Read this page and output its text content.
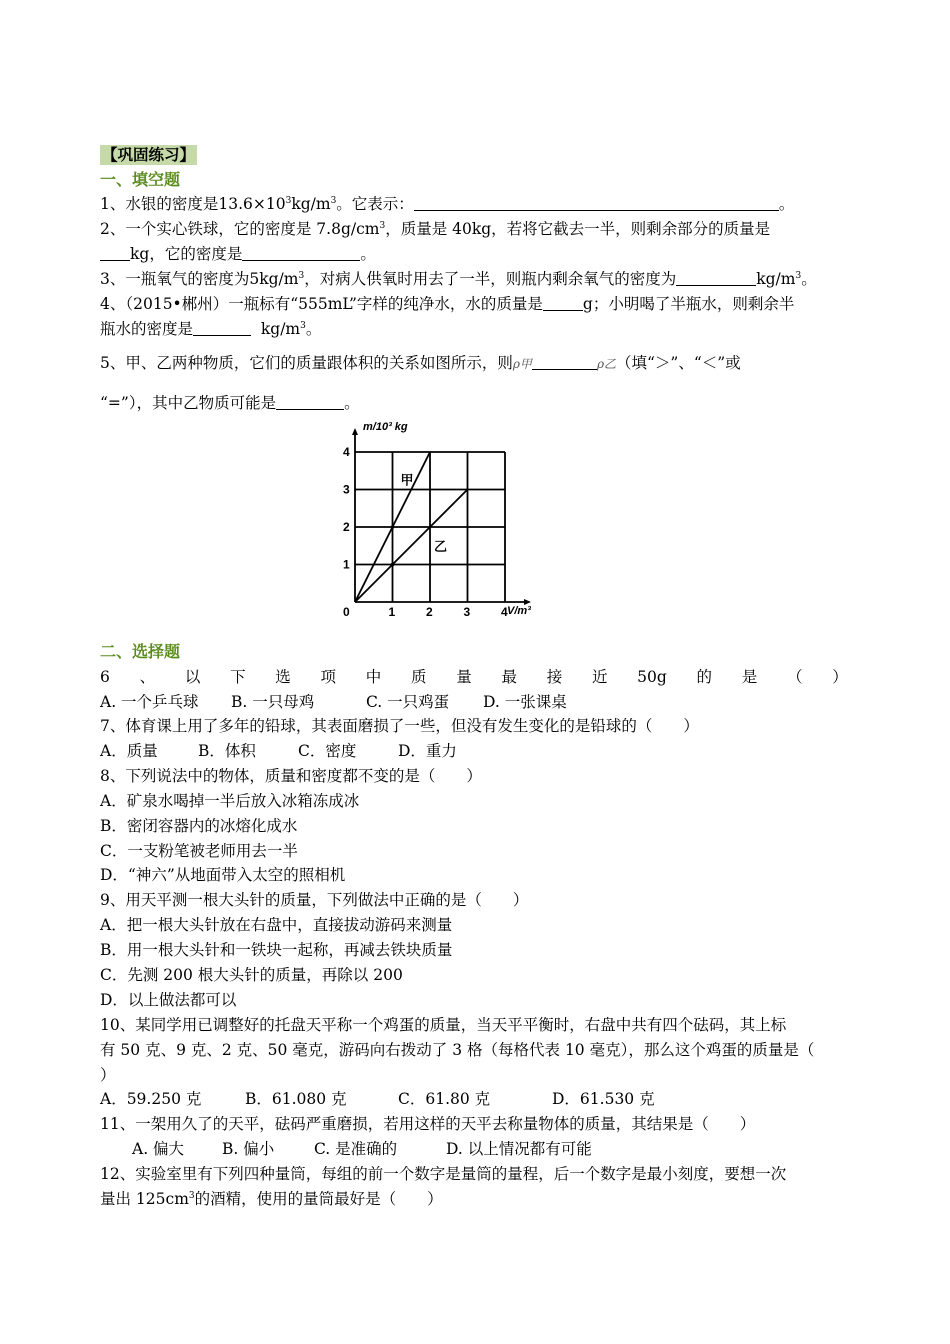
【巩固练习】
一、填空题
1、水银的密度是$13.6\times 10^3kg/m^3$。它表示：	。
2、一个实心铁球，它的密度是 $7.8g/cm^3$，质量是 40kg，若将它截去一半，则剩余部分的质量是
kg，它的密度是	。
3、一瓶氧气的密度为$5kg/m^3$，对病人供氧时用去了一半，则瓶内剩余氧气的密度为	$kg/m^3$。
4、（2015•郴州）一瓶标有“555mL”字样的纯净水，水的质量是	g；小明喝了半瓶水，则剩余半
瓶水的密度是	$kg/m^3$。
5、甲、乙两种物质，它们的质量跟体积的关系如图所示，则ρ甲	ρ乙（填“＞”、“＜”或
“=”），其中乙物质可能是	。
0	1	2	3	4
1
2
3
4
m/10³ kg
V/m³
甲
乙
二、选择题
6 、 以 下 选 项 中 质 量 最 接 近 50g 的 是 （ ）
A. 一个乒乓球 B. 一只母鸡	C. 一只鸡蛋 D. 一张课桌
7、体育课上用了多年的铅球，其表面磨损了一些，但没有发生变化的是铅球的（　　）
A．质量	B．体积	C．密度	D．重力
8、下列说法中的物体，质量和密度都不变的是（　　）
A．矿泉水喝掉一半后放入冰箱冻成冰
B．密闭容器内的冰熔化成水
C．一支粉笔被老师用去一半
D．“神六”从地面带入太空的照相机
9、用天平测一根大头针的质量，下列做法中正确的是（　　）
A．把一根大头针放在右盘中，直接拔动游码来测量
B．用一根大头针和一铁块一起称，再减去铁块质量
C．先测 200 根大头针的质量，再除以 200
D．以上做法都可以
10、某同学用已调整好的托盘天平称一个鸡蛋的质量，当天平平衡时，右盘中共有四个砝码，其上标
有 50 克、9 克、2 克、50 毫克，游码向右拨动了 3 格（每格代表 10 毫克），那么这个鸡蛋的质量是（
）
A．59.250 克	B．61.080 克	C．61.80 克	D．61.530 克
11、一架用久了的天平，砝码严重磨损，若用这样的天平去称量物体的质量，其结果是（　　）
A. 偏大 B. 偏小	C. 是准确的	D. 以上情况都有可能
12、实验室里有下列四种量筒，每组的前一个数字是量筒的量程，后一个数字是最小刻度，要想一次
量出 $125cm^3$的酒精，使用的量筒最好是（　　）
